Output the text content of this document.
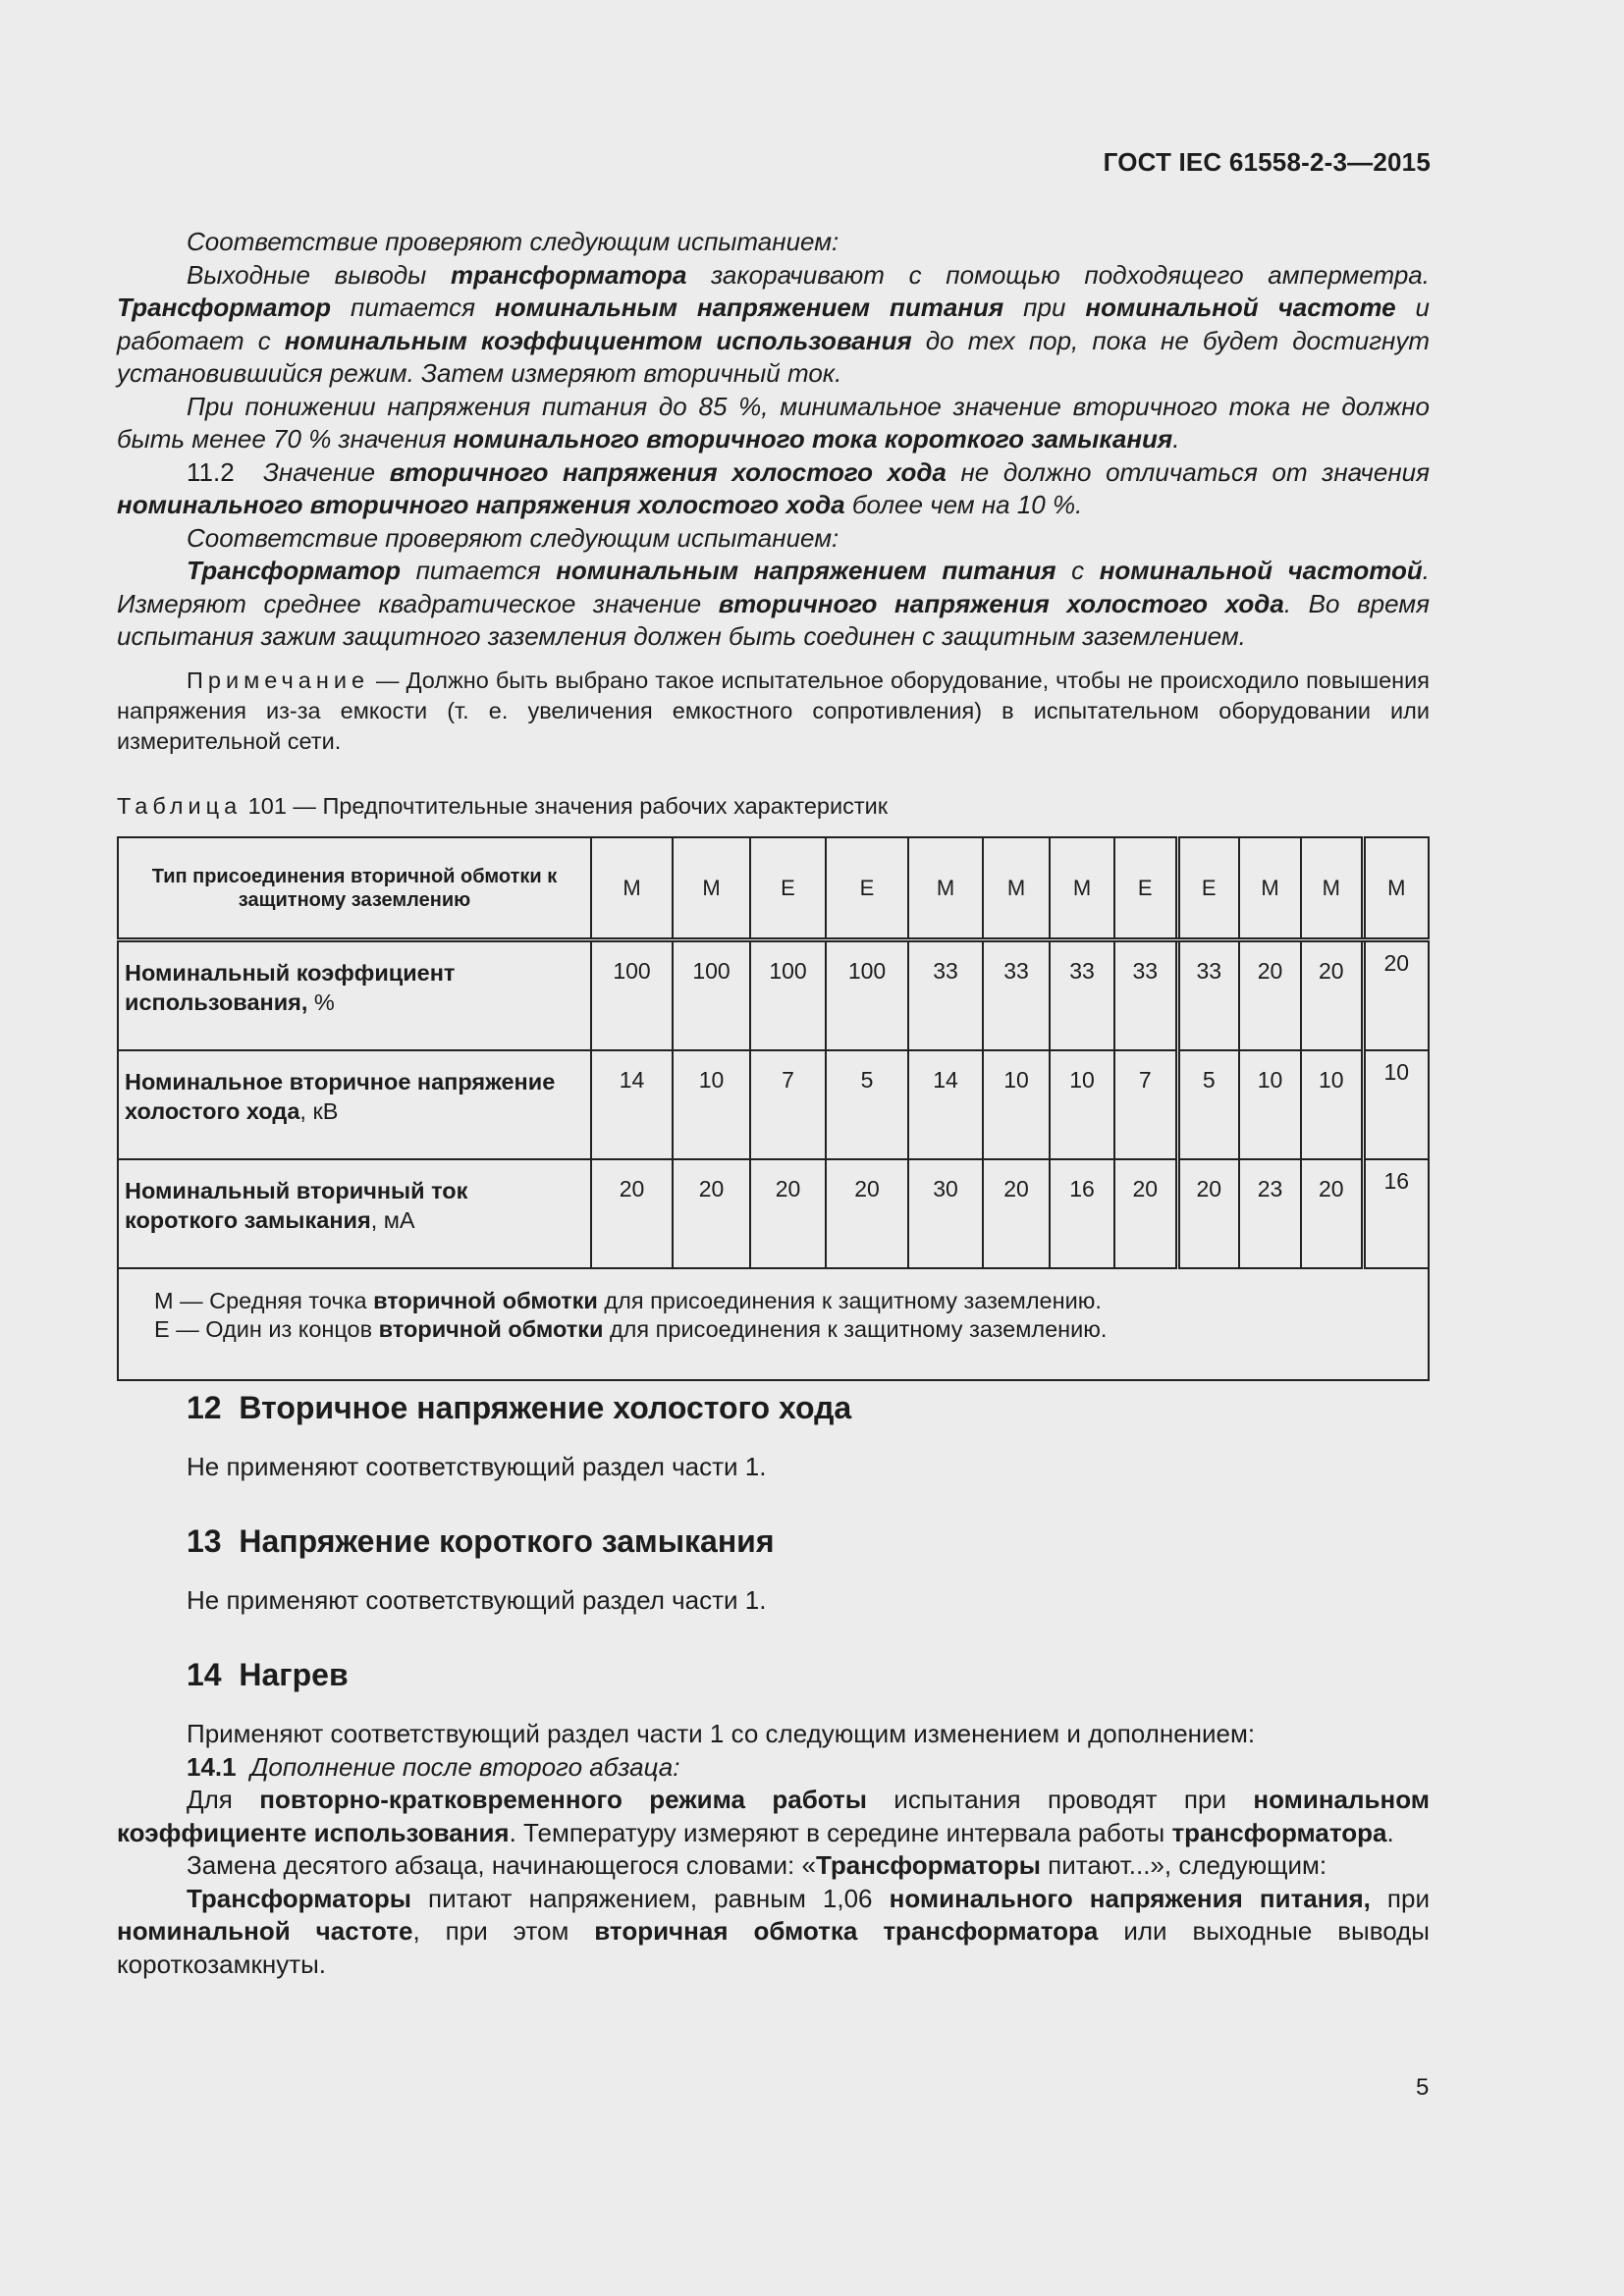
ГОСТ IEC 61558-2-3—2015

Соответствие проверяют следующим испытанием:

Выходные выводы трансформатора закорачивают с помощью подходящего амперметра. Трансформатор питается номинальным напряжением питания при номинальной частоте и работает с номинальным коэффициентом использования до тех пор, пока не будет достигнут установившийся режим. Затем измеряют вторичный ток.

При понижении напряжения питания до 85 %, минимальное значение вторичного тока не должно быть менее 70 % значения номинального вторичного тока короткого замыкания.

11.2 Значение вторичного напряжения холостого хода не должно отличаться от значения номинального вторичного напряжения холостого хода более чем на 10 %.

Соответствие проверяют следующим испытанием:

Трансформатор питается номинальным напряжением питания с номинальной частотой. Измеряют среднее квадратическое значение вторичного напряжения холостого хода. Во время испытания зажим защитного заземления должен быть соединен с защитным заземлением.

Примечание — Должно быть выбрано такое испытательное оборудование, чтобы не происходило повышения напряжения из-за емкости (т. е. увеличения емкостного сопротивления) в испытательном оборудовании или измерительной сети.

Таблица 101 — Предпочтительные значения рабочих характеристик
Тип присоединения вторичной обмотки к защитному заземлению	М	М	Е	Е	М	М	М	Е	Е	М	М	М
Номинальный коэффициент использования, %	100	100	100	100	33	33	33	33	33	20	20	20
Номинальное вторичное напряжение холостого хода, кВ	14	10	7	5	14	10	10	7	5	10	10	10
Номинальный вторичный ток короткого замыкания, мА	20	20	20	20	30	20	16	20	20	23	20	16

М — Средняя точка вторичной обмотки для присоединения к защитному заземлению.
Е — Один из концов вторичной обмотки для присоединения к защитному заземлению.												
12 Вторичное напряжение холостого хода

Не применяют соответствующий раздел части 1.

13 Напряжение короткого замыкания

Не применяют соответствующий раздел части 1.

14 Нагрев

Применяют соответствующий раздел части 1 со следующим изменением и дополнением:

14.1 Дополнение после второго абзаца:

Для повторно-кратковременного режима работы испытания проводят при номинальном коэффициенте использования. Температуру измеряют в середине интервала работы трансформатора.

Замена десятого абзаца, начинающегося словами: «Трансформаторы питают...», следующим:

Трансформаторы питают напряжением, равным 1,06 номинального напряжения питания, при номинальной частоте, при этом вторичная обмотка трансформатора или выходные выводы короткозамкнуты.

5
